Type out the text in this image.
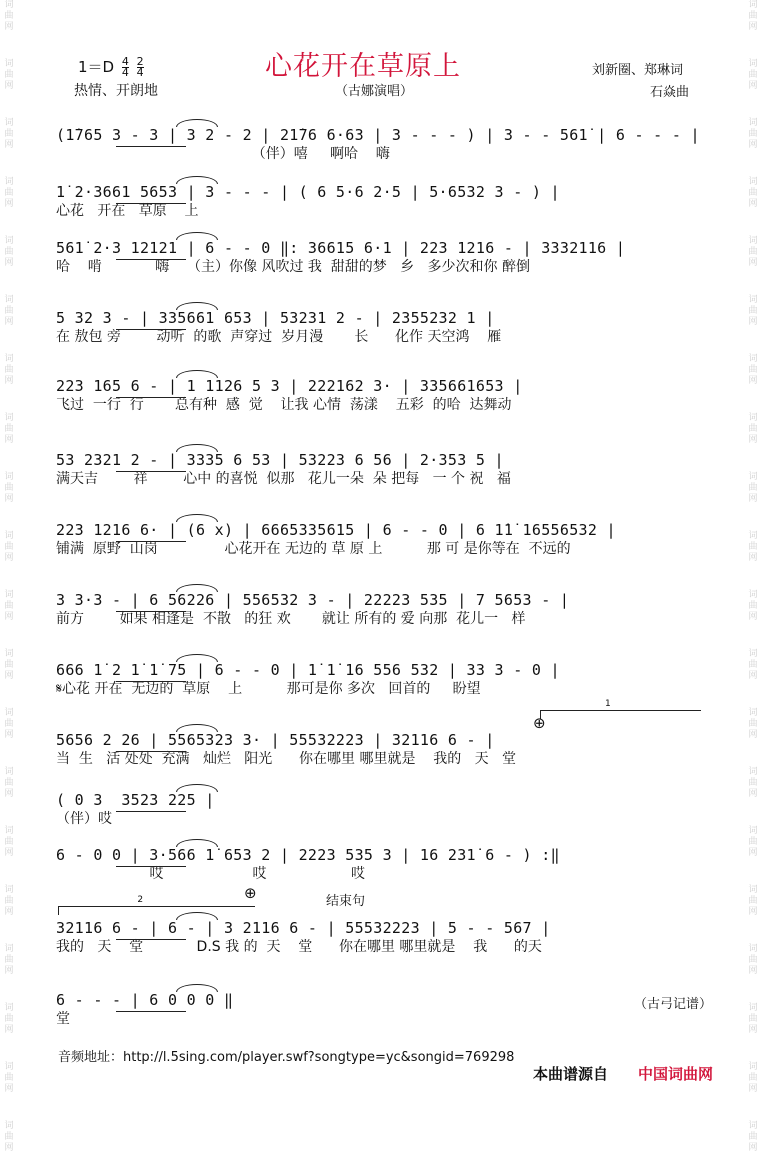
词
曲
网
词
曲
网
词
曲
网
词
曲
网
词
曲
网
词
曲
网
词
曲
网
词
曲
网
词
曲
网
词
曲
网
词
曲
网
词
曲
网
词
曲
网
词
曲
网
词
曲
网
词
曲
网
词
曲
网
词
曲
网
词
曲
网
词
曲
网
词
曲
网
词
曲
网
词
曲
网
词
曲
网
词
曲
网
词
曲
网
词
曲
网
词
曲
网
词
曲
网
词
曲
网
词
曲
网
词
曲
网
词
曲
网
词
曲
网
词
曲
网
词
曲
网
词
曲
网
词
曲
网
词
曲
网
词
曲
网
心花开在草原上
$1=D \frac{4}{4}$
$\frac{2}{4}$
热情、开朗地	（古娜演唱）
刘新圈、郑琳词
石焱曲
(1̇765 3 - 3 | 3 2 - 2 | 21̇76 6·63 | 3 - - - ) | 3 - - 561̇ | 6 - - - |
（伴）嘻     啊哈    嗨
1̇ 2·3661 5653 | 3 - - - | ( 6 5·6 2·5 | 5·6532 3 - ) |
心花   开在   草原    上
561̇ 2·3 12121 | 6 - - 0 ‖: 36615 6·1 | 223 1216 - | 3332116 |
哈    啃            嗨    （主）你像 风吹过 我  甜甜的梦   乡   多少次和你 醉倒
5 32 3 - | 335661 653 | 53231 2 - | 2355232 1 |
在 敖包 旁        动听  的歌  声穿过  岁月漫       长      化作 天空鸿    雁
223 165 6 - | 1 1126 5 3 | 222162 3· | 335661653 |
飞过  一行  行       总有种  感  觉    让我 心情  荡漾    五彩  的哈  达舞动
53 2321 2 - | 3335 6 53 | 53223 6 56 | 2·353 5 |
满天吉        祥        心中 的喜悦  似那   花儿一朵  朵 把每   一 个 祝   福
223 1216 6· | (6 x) | 6665335615 | 6 - - 0 | 6 1̇1̇ 16556532 |
铺满  原野  山岗               心花开在 无边的 草 原 上          那 可 是你等在  不远的
3 3·3 - | 6 56226 | 556532 3 - | 22223 535 | 7 5653 - |
前方        如果 相逢是  不散   的狂 欢       就让 所有的 爱 向那  花儿一   样
666 1̇ 2 1̇ 1̇ 75 | 6 - - 0 | 1̇ 1̇ 16 556 532 | 33 3 - 0 |
𝄋心花 开在  无边的  草原    上          那可是你 多次   回首的     盼望
5656 2 26 | 5565323 3· | 55532223 | 32116 6 - |
当  生   活 处处  充满   灿烂   阳光      你在哪里 哪里就是    我的   天   堂
( 0 3  3523 225 |
（伴）哎
6 - 0 0 | 3·566 1̇ 653 2 | 2223 535 3 | 16 231̇ 6 - ) :‖
哎                    哎                   哎
32116 6 - | 6 - | 3 2116 6 - | 55532223 | 5 - - 567 |
我的   天    堂            D.S 我 的  天    堂      你在哪里 哪里就是    我      的天
6 - - - | 6 0 0 0 ‖
堂
1
⊕
2	⊕	结束句
（古弓记谱）
音频地址：http://l.5sing.com/player.swf?songtype=yc&songid=769298
本曲谱源自 中国词曲网
